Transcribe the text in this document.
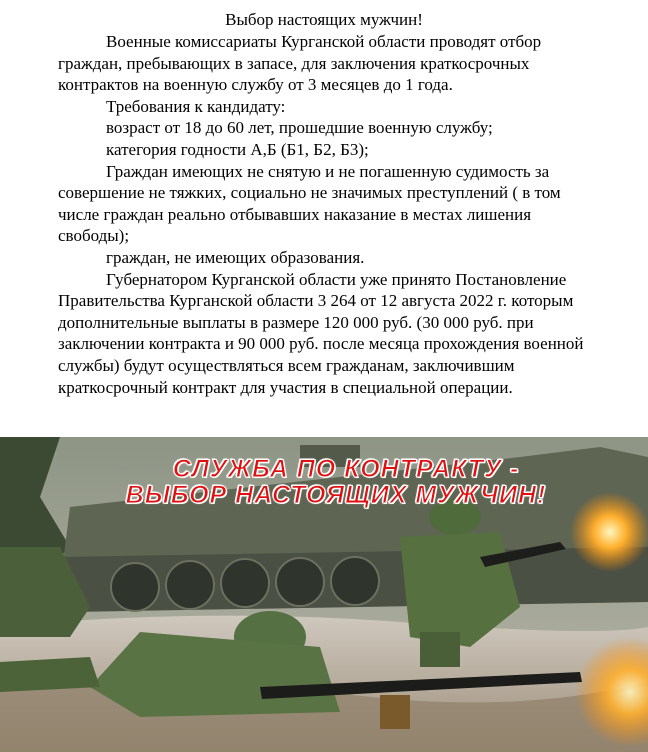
Выбор настоящих мужчин!

Военные комиссариаты Курганской области проводят отбор граждан, пребывающих в запасе, для заключения краткосрочных контрактов на военную службу от 3 месяцев до 1 года.

Требования к кандидату:

возраст от 18 до 60 лет, прошедшие военную службу;

категория годности А,Б (Б1, Б2, Б3);

Граждан имеющих не снятую и не погашенную судимость за совершение не тяжких, социально не значимых преступлений ( в том числе граждан реально отбывавших наказание в местах лишения свободы);

граждан, не имеющих образования.

Губернатором Курганской области уже принято Постановление Правительства Курганской области 3 264 от 12 августа 2022 г. которым дополнительные выплаты в размере 120 000 руб. (30 000 руб. при заключении контракта и 90 000 руб. после месяца прохождения военной службы) будут осуществляться всем гражданам, заключившим краткосрочный контракт для участия в специальной операции.

СЛУЖБА ПО КОНТРАКТУ -
ВЫБОР НАСТОЯЩИХ МУЖЧИН!
